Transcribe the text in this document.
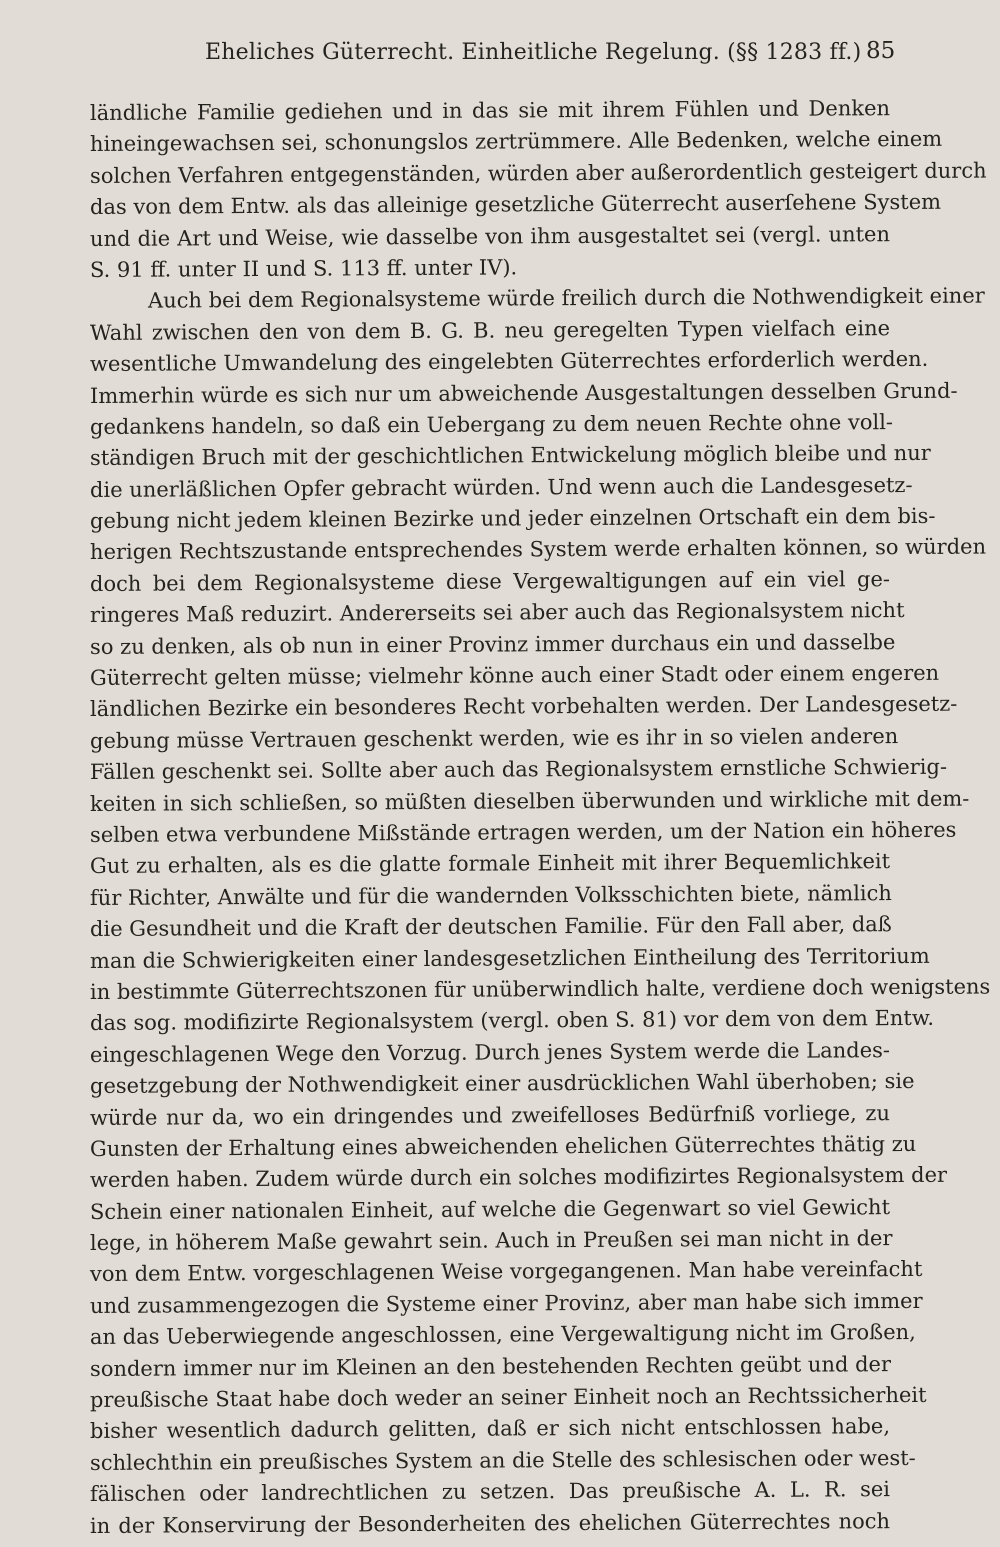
Eheliches Güterrecht. Einheitliche Regelung. (§§ 1283 ff.) 85
ländliche Familie gediehen und in das sie mit ihrem Fühlen und Denken
hineingewachsen sei, schonungslos zertrümmere. Alle Bedenken, welche einem
solchen Verfahren entgegenständen, würden aber außerordentlich gesteigert durch
das von dem Entw. als das alleinige gesetzliche Güterrecht auserſehene System
und die Art und Weise, wie dasselbe von ihm ausgestaltet sei (vergl. unten
S. 91 ff. unter II und S. 113 ff. unter IV).
Auch bei dem Regionalsysteme würde freilich durch die Nothwendigkeit einer
Wahl zwischen den von dem B. G. B. neu geregelten Typen vielfach eine
wesentliche Umwandelung des eingelebten Güterrechtes erforderlich werden.
Immerhin würde es sich nur um abweichende Ausgestaltungen desselben Grund-
gedankens handeln, so daß ein Uebergang zu dem neuen Rechte ohne voll-
ständigen Bruch mit der geschichtlichen Entwickelung möglich bleibe und nur
die unerläßlichen Opfer gebracht würden. Und wenn auch die Landesgesetz-
gebung nicht jedem kleinen Bezirke und jeder einzelnen Ortschaft ein dem bis-
herigen Rechtszustande entsprechendes System werde erhalten können, so würden
doch bei dem Regionalsysteme diese Vergewaltigungen auf ein viel ge-
ringeres Maß reduzirt. Andererseits sei aber auch das Regionalsystem nicht
so zu denken, als ob nun in einer Provinz immer durchaus ein und dasselbe
Güterrecht gelten müsse; vielmehr könne auch einer Stadt oder einem engeren
ländlichen Bezirke ein besonderes Recht vorbehalten werden. Der Landesgesetz-
gebung müsse Vertrauen geschenkt werden, wie es ihr in so vielen anderen
Fällen geschenkt sei. Sollte aber auch das Regionalsystem ernstliche Schwierig-
keiten in sich schließen, so müßten dieselben überwunden und wirkliche mit dem-
selben etwa verbundene Mißstände ertragen werden, um der Nation ein höheres
Gut zu erhalten, als es die glatte formale Einheit mit ihrer Bequemlichkeit
für Richter, Anwälte und für die wandernden Volksschichten biete, nämlich
die Gesundheit und die Kraft der deutschen Familie. Für den Fall aber, daß
man die Schwierigkeiten einer landesgesetzlichen Eintheilung des Territorium
in bestimmte Güterrechtszonen für unüberwindlich halte, verdiene doch wenigstens
das sog. modifizirte Regionalsystem (vergl. oben S. 81) vor dem von dem Entw.
eingeschlagenen Wege den Vorzug. Durch jenes System werde die Landes-
gesetzgebung der Nothwendigkeit einer ausdrücklichen Wahl überhoben; sie
würde nur da, wo ein dringendes und zweifelloses Bedürfniß vorliege, zu
Gunsten der Erhaltung eines abweichenden ehelichen Güterrechtes thätig zu
werden haben. Zudem würde durch ein solches modifizirtes Regionalsystem der
Schein einer nationalen Einheit, auf welche die Gegenwart so viel Gewicht
lege, in höherem Maße gewahrt sein. Auch in Preußen sei man nicht in der
von dem Entw. vorgeschlagenen Weise vorgegangenen. Man habe vereinfacht
und zusammengezogen die Systeme einer Provinz, aber man habe sich immer
an das Ueberwiegende angeschlossen, eine Vergewaltigung nicht im Großen,
sondern immer nur im Kleinen an den bestehenden Rechten geübt und der
preußische Staat habe doch weder an seiner Einheit noch an Rechtssicherheit
bisher wesentlich dadurch gelitten, daß er sich nicht entschlossen habe,
schlechthin ein preußisches System an die Stelle des schlesischen oder west-
fälischen oder landrechtlichen zu setzen. Das preußische A. L. R. sei
in der Konservirung der Besonderheiten des ehelichen Güterrechtes noch
